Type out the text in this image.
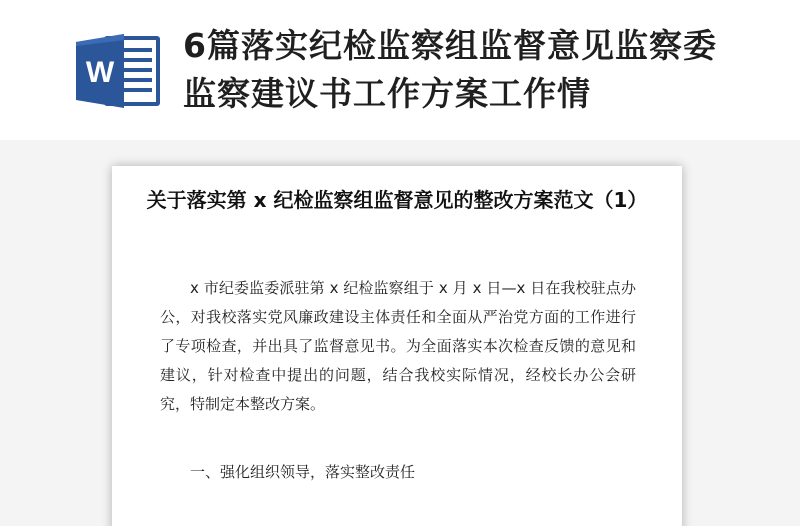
W
6篇落实纪检监察组监督意见监察委监察建议书工作方案工作情
关于落实第 x 纪检监察组监督意见的整改方案范文（1）

x 市纪委监委派驻第 x 纪检监察组于 x 月 x 日—x 日在我校驻点办公，对我校落实党风廉政建设主体责任和全面从严治党方面的工作进行了专项检查，并出具了监督意见书。为全面落实本次检查反馈的意见和建议，针对检查中提出的问题，结合我校实际情况，经校长办公会研究，特制定本整改方案。

一、强化组织领导，落实整改责任
